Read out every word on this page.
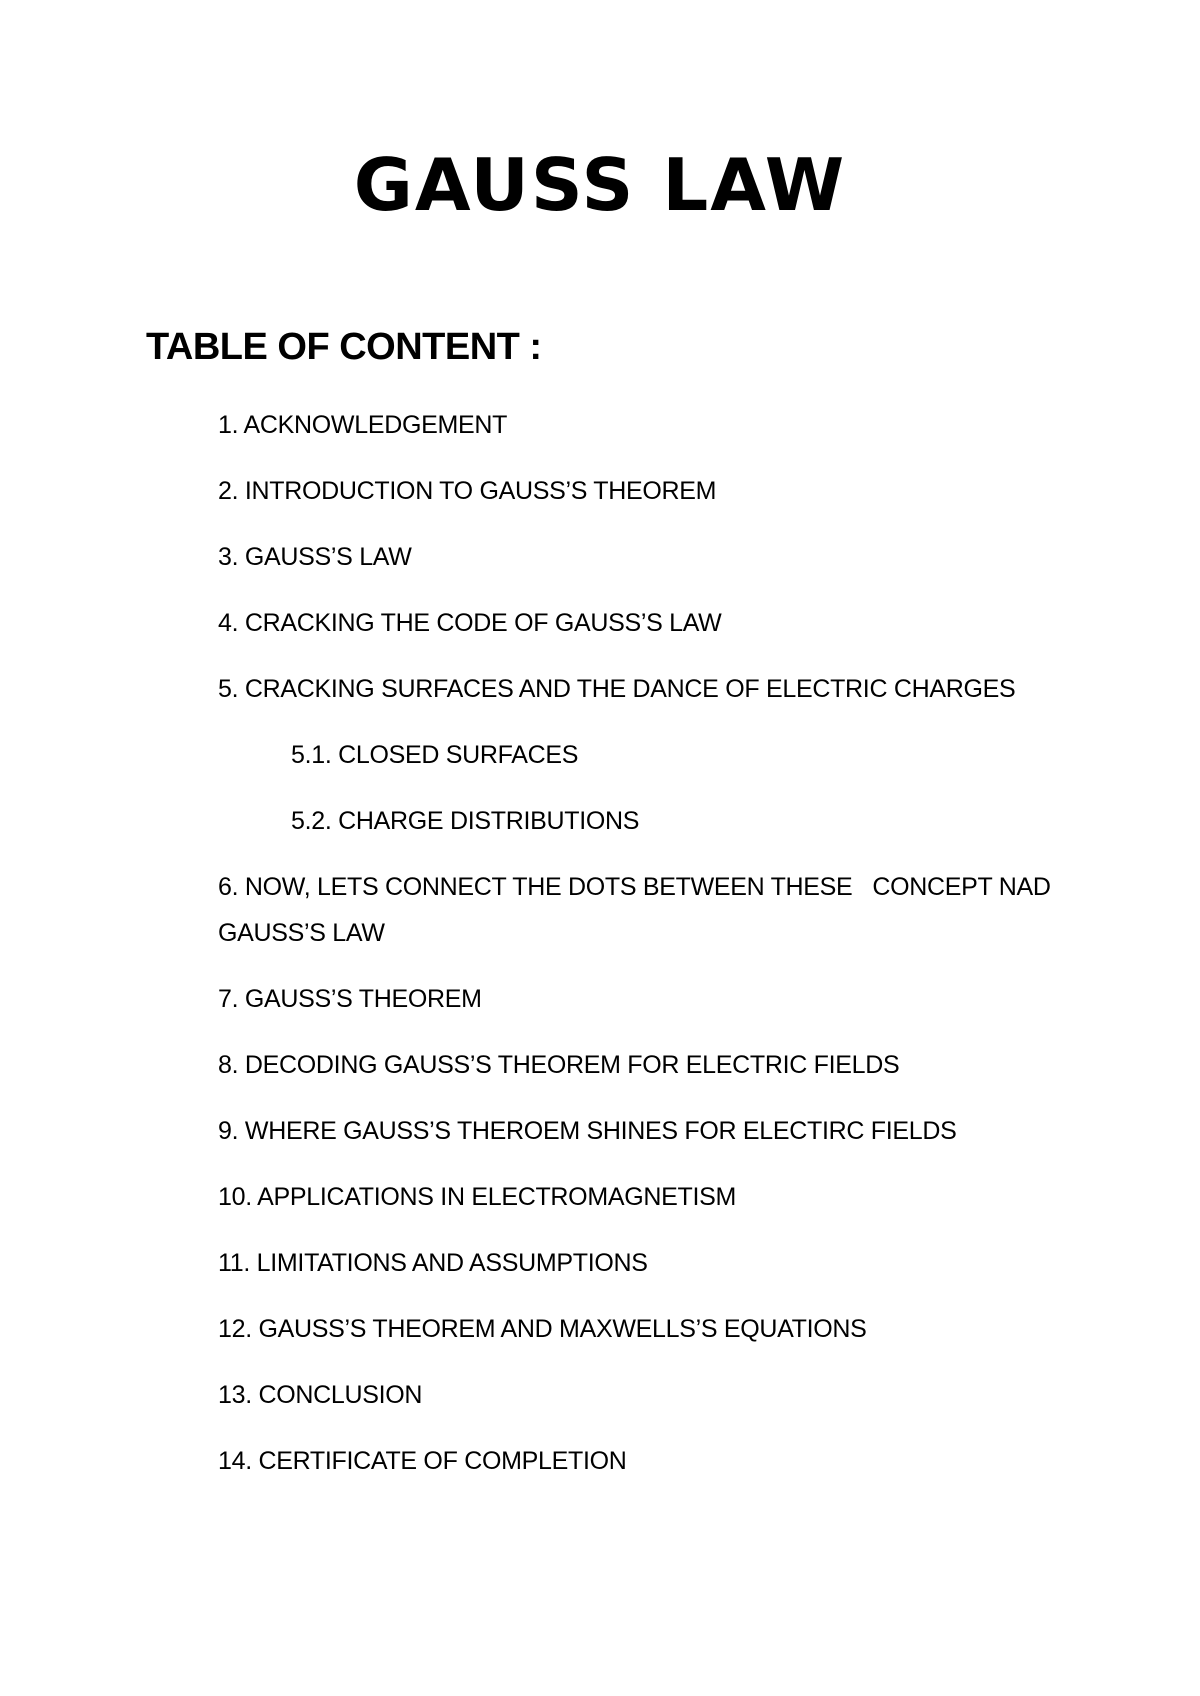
GAUSS LAW
TABLE OF CONTENT :
1. ACKNOWLEDGEMENT
2. INTRODUCTION TO GAUSS’S THEOREM
3. GAUSS’S LAW
4. CRACKING THE CODE OF GAUSS’S LAW
5. CRACKING SURFACES AND THE DANCE OF ELECTRIC CHARGES
5.1. CLOSED SURFACES
5.2. CHARGE DISTRIBUTIONS
6. NOW, LETS CONNECT THE DOTS BETWEEN THESE   CONCEPT NAD GAUSS’S LAW
7. GAUSS’S THEOREM
8. DECODING GAUSS’S THEOREM FOR ELECTRIC FIELDS
9. WHERE GAUSS’S THEROEM SHINES FOR ELECTIRC FIELDS
10. APPLICATIONS IN ELECTROMAGNETISM
11. LIMITATIONS AND ASSUMPTIONS
12. GAUSS’S THEOREM AND MAXWELLS’S EQUATIONS
13. CONCLUSION
14. CERTIFICATE OF COMPLETION
